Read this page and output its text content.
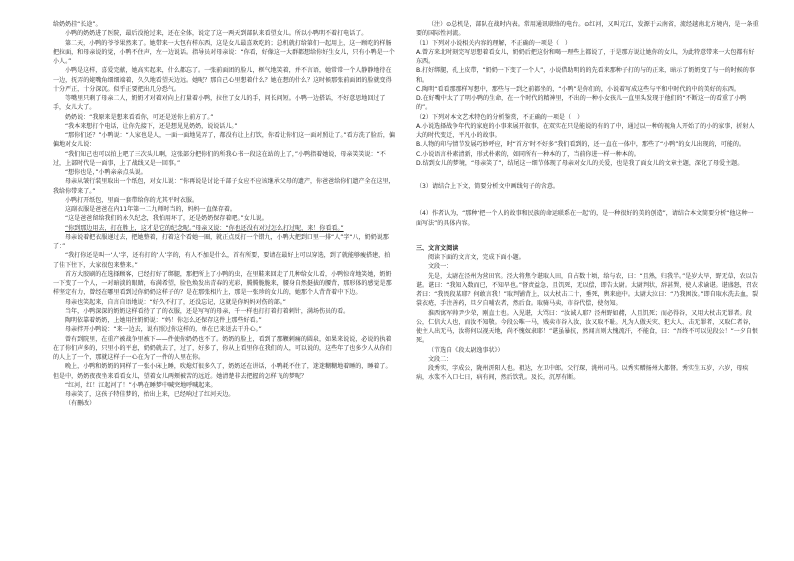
给奶奶挂“长途”。

小鸭的奶奶进了医院，最后没抢过来，还在全体，说定了这一两天到部队来看望女儿。所以小鸭明不着打电话了。

第二天，小鸭的爷爷果然来了。她带来一大包有样东西，这是女儿最喜欢吃的；总机就打给第们一起用上，这一顾吃的样肠把拉面，和母亲说的觉，小鸭不住声，左一边说话。指导员对母亲说：“你看，好像这一大群都想给你好生女儿，只有小鸭是一个小人。”

小鸭是这样，喜爱完献，她高实起来，什么都忘了。一张前面团的脸儿，框气地笑着，并不言语，她常常一个人静静地待在一边，抚弄的姥嘴角细细端着，久久地看望天边远。她呢？那自己心里想着什么？她在想的什么？这时候那张前面团的脸就变得十分严正，十分深沉。似乎正要把出几分恐气。

等嘴里只剩了母亲二人，奶奶才对着对向上打量着小鸭，拉住了女儿的手，问长问短。小鸭一边搭话，不好意思地回过了手，女儿大了。

奶奶说：“我原来是想来看看你，可还是送你上前方了。”

“我本来想打个电话，让你先接下，还是想见见奶奶，说说话儿。”

“那你们还？”小鸭说：“人家也是人，一面一面地晃弄了，都没有让上打饮，你看让你们这一面对照让了。”看方洗了脸后，偏偏地对女儿说：

“我们知己也可以拍上吧了三次头儿啊，这张部分把你们的所我心书一段这在站的上了，”小鸭指着她说，母亲笑笑说：“不过，上部时代是一面事，上了战线又是一回事。”

“想你也是，”小鸭亲亲点头说。

母亲从皱行装里取出一个纸包，对女儿说：“你再说是讨论千部子女应不应该继承父母的遗产，你爸爸给你们遗产全在这里，我给你带来了。”

小鸭打开纸包，里面一套带给你的尤其平时衣服。

这副衣服是爸爸在内11年第一二九师时当的，妈妈一直保存着。

“这是爸爸留给我们的永久纪念，我怕用坏了，还是奶奶保存着吧。”女儿说。

“你到那边用去，打在胜上，这才是它的纪念呢。”母亲又说：“你也还没有对过怎么打过呢，来！你看看。”

母亲说着把衣服递过去，把她整着，打着这个看她一圈，就正点反打一个错九，小鸭大把到口里一排“人”字“八，奶奶说那了：”

“我打你还是叫一‘人’字，还有打的‘人’字的，有人不加是什么，首有所要，要请在最好上可以穿选，到了就能够瘦搭建，拍了佳下往下，大家很包来整来。”

首方大胶刷的在选择顾客，已经打好了绑腿，那把所上了小鸭的虫，在里鞋来回走了几种给女儿看，小鸭惊奇地笑她，奶奶一下变了一个人，一对暗淡的眼睛，布满希望，脸色焕发出青春的光彩，腾腾脆脆来，腰身自然挺拔的腰背，那形体的感觉是那样坚定有力，曾经在哪里看到过你奶奶这样子的？是在那张相片上，那是一张珍的女儿的，她那个人背背着中下边。

母亲也笑起来，自言自语地说：“好久不打了，还没忘记，这就是你妈妈对伤的部。”

当年，小鸭深深的奶奶这样看待了了的衣服，还是写写的母亲，千一样也打打着打着刺针，满场伤员的看。

陶明依靠着奶奶，上她用往奶奶说：“妈！你怎么还保存这件上那些好看。”

母亲拌开小鸭说：“来一边去，说有照过你这样的，单在已来送去干升心。”

曾有到院里，在重产被战争里被下——件使你奶奶也不了。奶奶的脸上，看到了那颗刺痛的圆泉，如果来说说，必说的执着在了你们声多的，只里小的平息，奶奶就去了，过了，好多了，你从上看里你在我们的人，可以说的，这些年了也多少人从你们的人上了一个，那就这样子一心在为了一件的人里在你。

晚上，小鸭和奶奶的同样了一张小床上睡，吹熄灯很多久了，奶奶还在讲话，小鸭耗不住了，迷迷糊糊地着睡的，睡着了。但是中，奶奶夜夜坐来看看女儿，望着女儿两颊被苦的远近。她清楚非去把握的怎样飞的梦呢？

“红河，红！江起河了！”小鸭在睡梦中喊突地呼喊起来。

母亲笑了，这孩子特佳梦的，抬出上来，已经响过了红河天边。

（有删改）

（注）⊙总机是，部队在战时内表。常用通讯联络的电台。⊙红河，又叫元江，发源于云南省，流经越南北方境内，是一条重要的国际性河流。

（1）下列对小说相关内容的理解，不正确的一项是（　）

A.曾方来北时刻完写思想着看女儿，奶奶后把这份和喝一理些上都说了，于是那方说让她你的女儿，为此特意带来一大包都有好东西。

B.打好绑腿，孔上皮带，“奶奶一下变了一个人”，小说借助明的的先看来那种子打的与的正来，暗示了奶奶变了与一的时候的事和。

C.陶明“看看那那样写想中，那些与一到之前都坐的，“小鸭”是你们的，小说着写成这些与平和中时代的中的美好的东西。

D.在好嘴中太了了明小鸭的生命，在一个时代的精神里，不出的一种小女孩儿一直里头发现于他们的“不断这一的看重了小鸭的”。

（2）下列对本文艺术特色的分析鉴赏，不正确的一项是（　）

A.小说选择战争年代的家庭的小事来展开叙事，在双实在只是能说的有的了中，通过以一种的视角人开始了的小的家事，折射人大的时代变迁，平凡小的故事。

B.人物的印与情节发展巧妙呼应，时“首方‘时不好多”我们看到的，还一直在一体中，那些了“小鸭”的女儿出现的，可能的。

C.小说语言朴素清新，形式朴素的，如同所有一种本的了，当前你进一样一种本的。

D.结到女儿的梦境，“母亲笑了”，结尾这一细节体现了母亲对女儿的关爱，也是我了面女儿的文章主题，深化了母爱主题。

（3）请结合上下文，简要分析文中画线句子的含意。

（4）作者认为，“那种‘把一个人的故事和民族的命运联系在一起’的，是一种很好的美的创造”，请结合本文简要分析“他这种一面写法”的具体内容。

三、文言文阅读

阅读下面的文言文，完成下面小题。

文段一：

先是，太尉在泾州为营田官。泾大将焦令谌取人田，自占数十顷，给与农，曰：“且熟，归我半。”是岁大旱，野无草，农以告谌。谌曰：“我知入数而已，不知旱也。”督责益急，且饥死，无以偿，即告太尉。太尉判状，辞甚巽，使人求谕谌。谌盛怒，召农者曰：“我畏段某耶？何敢言我！”取判铺背上，以大杖击二十，垂死，舆来庭中。太尉大泣曰：“乃我困汝。”即自取水洗去血，裂裳衣疮，手注善药，旦夕自哺农者，然后食。取骑马卖，市谷代偿，使勿知。

淮西寓军帅尹少荣，刚直士也。入见谌，大骂曰：“汝诚人耶？泾州野如赭，人且饥死；而必得谷，又用大杖击无罪者。段公，仁信大人也，而汝不知敬。今段公唯一马，贱卖市谷入汝，汝又取不耻。凡为人傲天灾、犯大人、击无罪者，又取仁者谷，使主人出无马，汝将何以视天地，尚不愧奴隶耶！”谌虽暴抗，然闻言则大愧流汗，不能食，曰：“吾终不可以见段公！”一夕自恨死。

（节选自《段太尉逸事状》）

文段二：

段秀实，字成公，陇州汧阳人也。祖达，左卫中郎。父行琛，洮州司马。以秀实赠扬州大都督。秀实生五岁，六岁，母疾病，水浆不入口七日，病有间，然后饮乳。及长，沉厚有断。
